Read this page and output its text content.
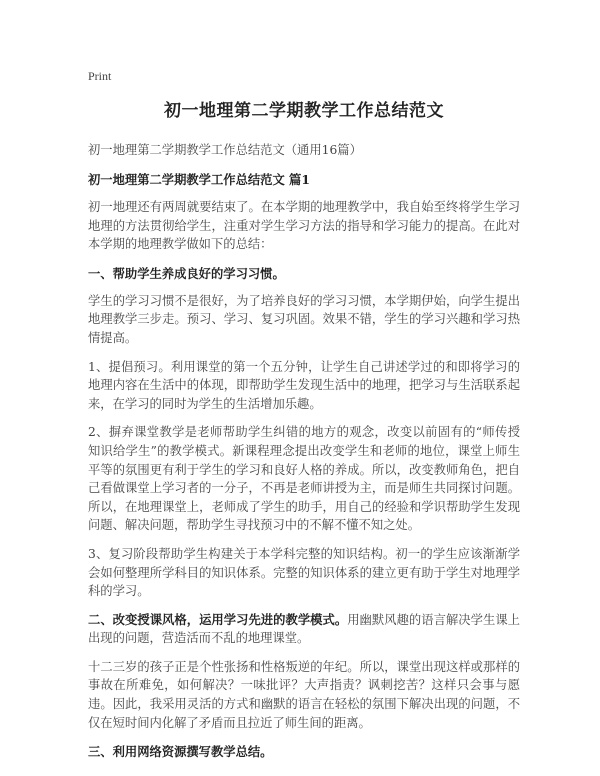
Print
初一地理第二学期教学工作总结范文

初一地理第二学期教学工作总结范文（通用16篇）

初一地理第二学期教学工作总结范文 篇1

初一地理还有两周就要结束了。在本学期的地理教学中，我自始至终将学生学习地理的方法贯彻给学生，注重对学生学习方法的指导和学习能力的提高。在此对本学期的地理教学做如下的总结：

一、帮助学生养成良好的学习习惯。

学生的学习习惯不是很好，为了培养良好的学习习惯，本学期伊始，向学生提出地理教学三步走。预习、学习、复习巩固。效果不错，学生的学习兴趣和学习热情提高。

1、提倡预习。利用课堂的第一个五分钟，让学生自己讲述学过的和即将学习的地理内容在生活中的体现，即帮助学生发现生活中的地理，把学习与生活联系起来，在学习的同时为学生的生活增加乐趣。

2、摒弃课堂教学是老师帮助学生纠错的地方的观念，改变以前固有的“师传授知识给学生”的教学模式。新课程理念提出改变学生和老师的地位，课堂上师生平等的氛围更有利于学生的学习和良好人格的养成。所以，改变教师角色，把自己看做课堂上学习者的一分子，不再是老师讲授为主，而是师生共同探讨问题。所以，在地理课堂上，老师成了学生的助手，用自己的经验和学识帮助学生发现问题、解决问题，帮助学生寻找预习中的不解不懂不知之处。

3、复习阶段帮助学生构建关于本学科完整的知识结构。初一的学生应该渐渐学会如何整理所学科目的知识体系。完整的知识体系的建立更有助于学生对地理学科的学习。

二、改变授课风格，运用学习先进的教学模式。用幽默风趣的语言解决学生课上出现的问题，营造活而不乱的地理课堂。

十二三岁的孩子正是个性张扬和性格叛逆的年纪。所以，课堂出现这样或那样的事故在所难免，如何解决？一味批评？大声指责？讽刺挖苦？这样只会事与愿违。因此，我采用灵活的方式和幽默的语言在轻松的氛围下解决出现的问题，不仅在短时间内化解了矛盾而且拉近了师生间的距离。

三、利用网络资源撰写教学总结。
